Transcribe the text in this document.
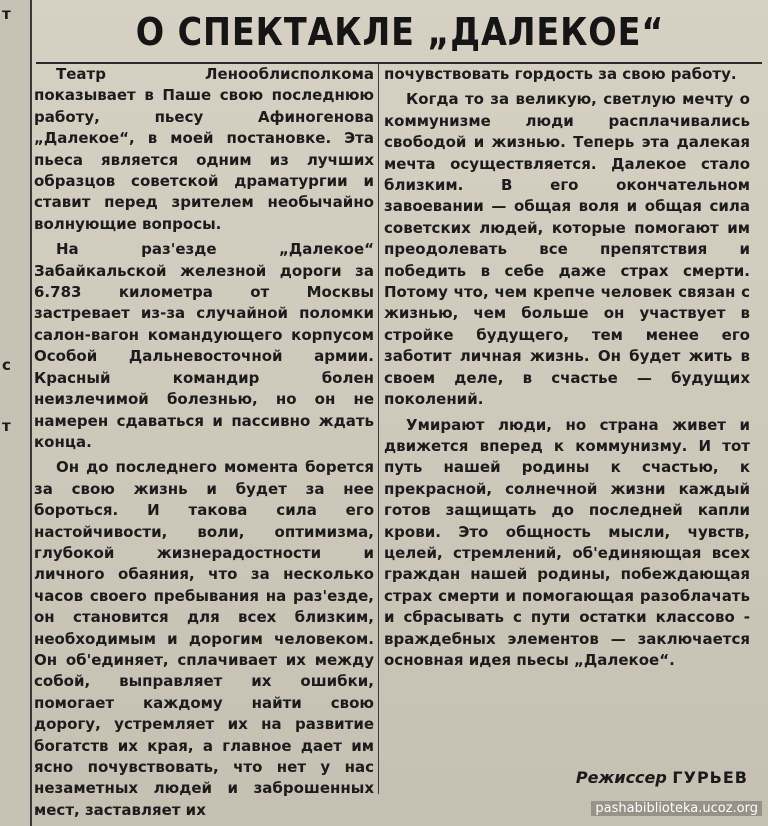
т
с
т
О СПЕКТАКЛЕ „ДАЛЕКОЕ“

Театр Ленооблисполкома показывает в Паше свою последнюю работу, пьесу Афиногенова „Далекое“, в моей постановке. Эта пьеса является одним из лучших образцов советской драматургии и ставит перед зрителем необычайно волнующие вопросы.

На раз'езде „Далекое“ Забайкальской железной дороги за 6.783 километра от Москвы застревает из-за случайной поломки салон-вагон командующего корпусом Особой Дальневосточной армии. Красный командир болен неизлечимой болезнью, но он не намерен сдаваться и пассивно ждать конца.

Он до последнего момента борется за свою жизнь и будет за нее бороться. И такова сила его настойчивости, воли, оптимизма, глубокой жизнерадостности и личного обаяния, что за несколько часов своего пребывания на раз'езде, он становится для всех близким, необходимым и дорогим человеком. Он об'единяет, сплачивает их между собой, выправляет их ошибки, помогает каждому найти свою дорогу, устремляет их на развитие богатств их края, а главное дает им ясно почувствовать, что нет у нас незаметных людей и заброшенных мест, заставляет их

почувствовать гордость за свою работу.

Когда то за великую, светлую мечту о коммунизме люди расплачивались свободой и жизнью. Теперь эта далекая мечта осуществляется. Далекое стало близким. В его окончательном завоевании — общая воля и общая сила советских людей, которые помогают им преодолевать все препятствия и победить в себе даже страх смерти. Потому что, чем крепче человек связан с жизнью, чем больше он участвует в стройке будущего, тем менее его заботит личная жизнь. Он будет жить в своем деле, в счастье — будущих поколений.

Умирают люди, но страна живет и движется вперед к коммунизму. И тот путь нашей родины к счастью, к прекрасной, солнечной жизни каждый готов защищать до последней капли крови. Это общность мысли, чувств, целей, стремлений, об'единяющая всех граждан нашей родины, побеждающая страх смерти и помогающая разоблачать и сбрасывать с пути остатки классово - враждебных элементов — заключается основная идея пьесы „Далекое“.

Режиссер ГУРЬЕВ
pashabiblioteka.ucoz.org
